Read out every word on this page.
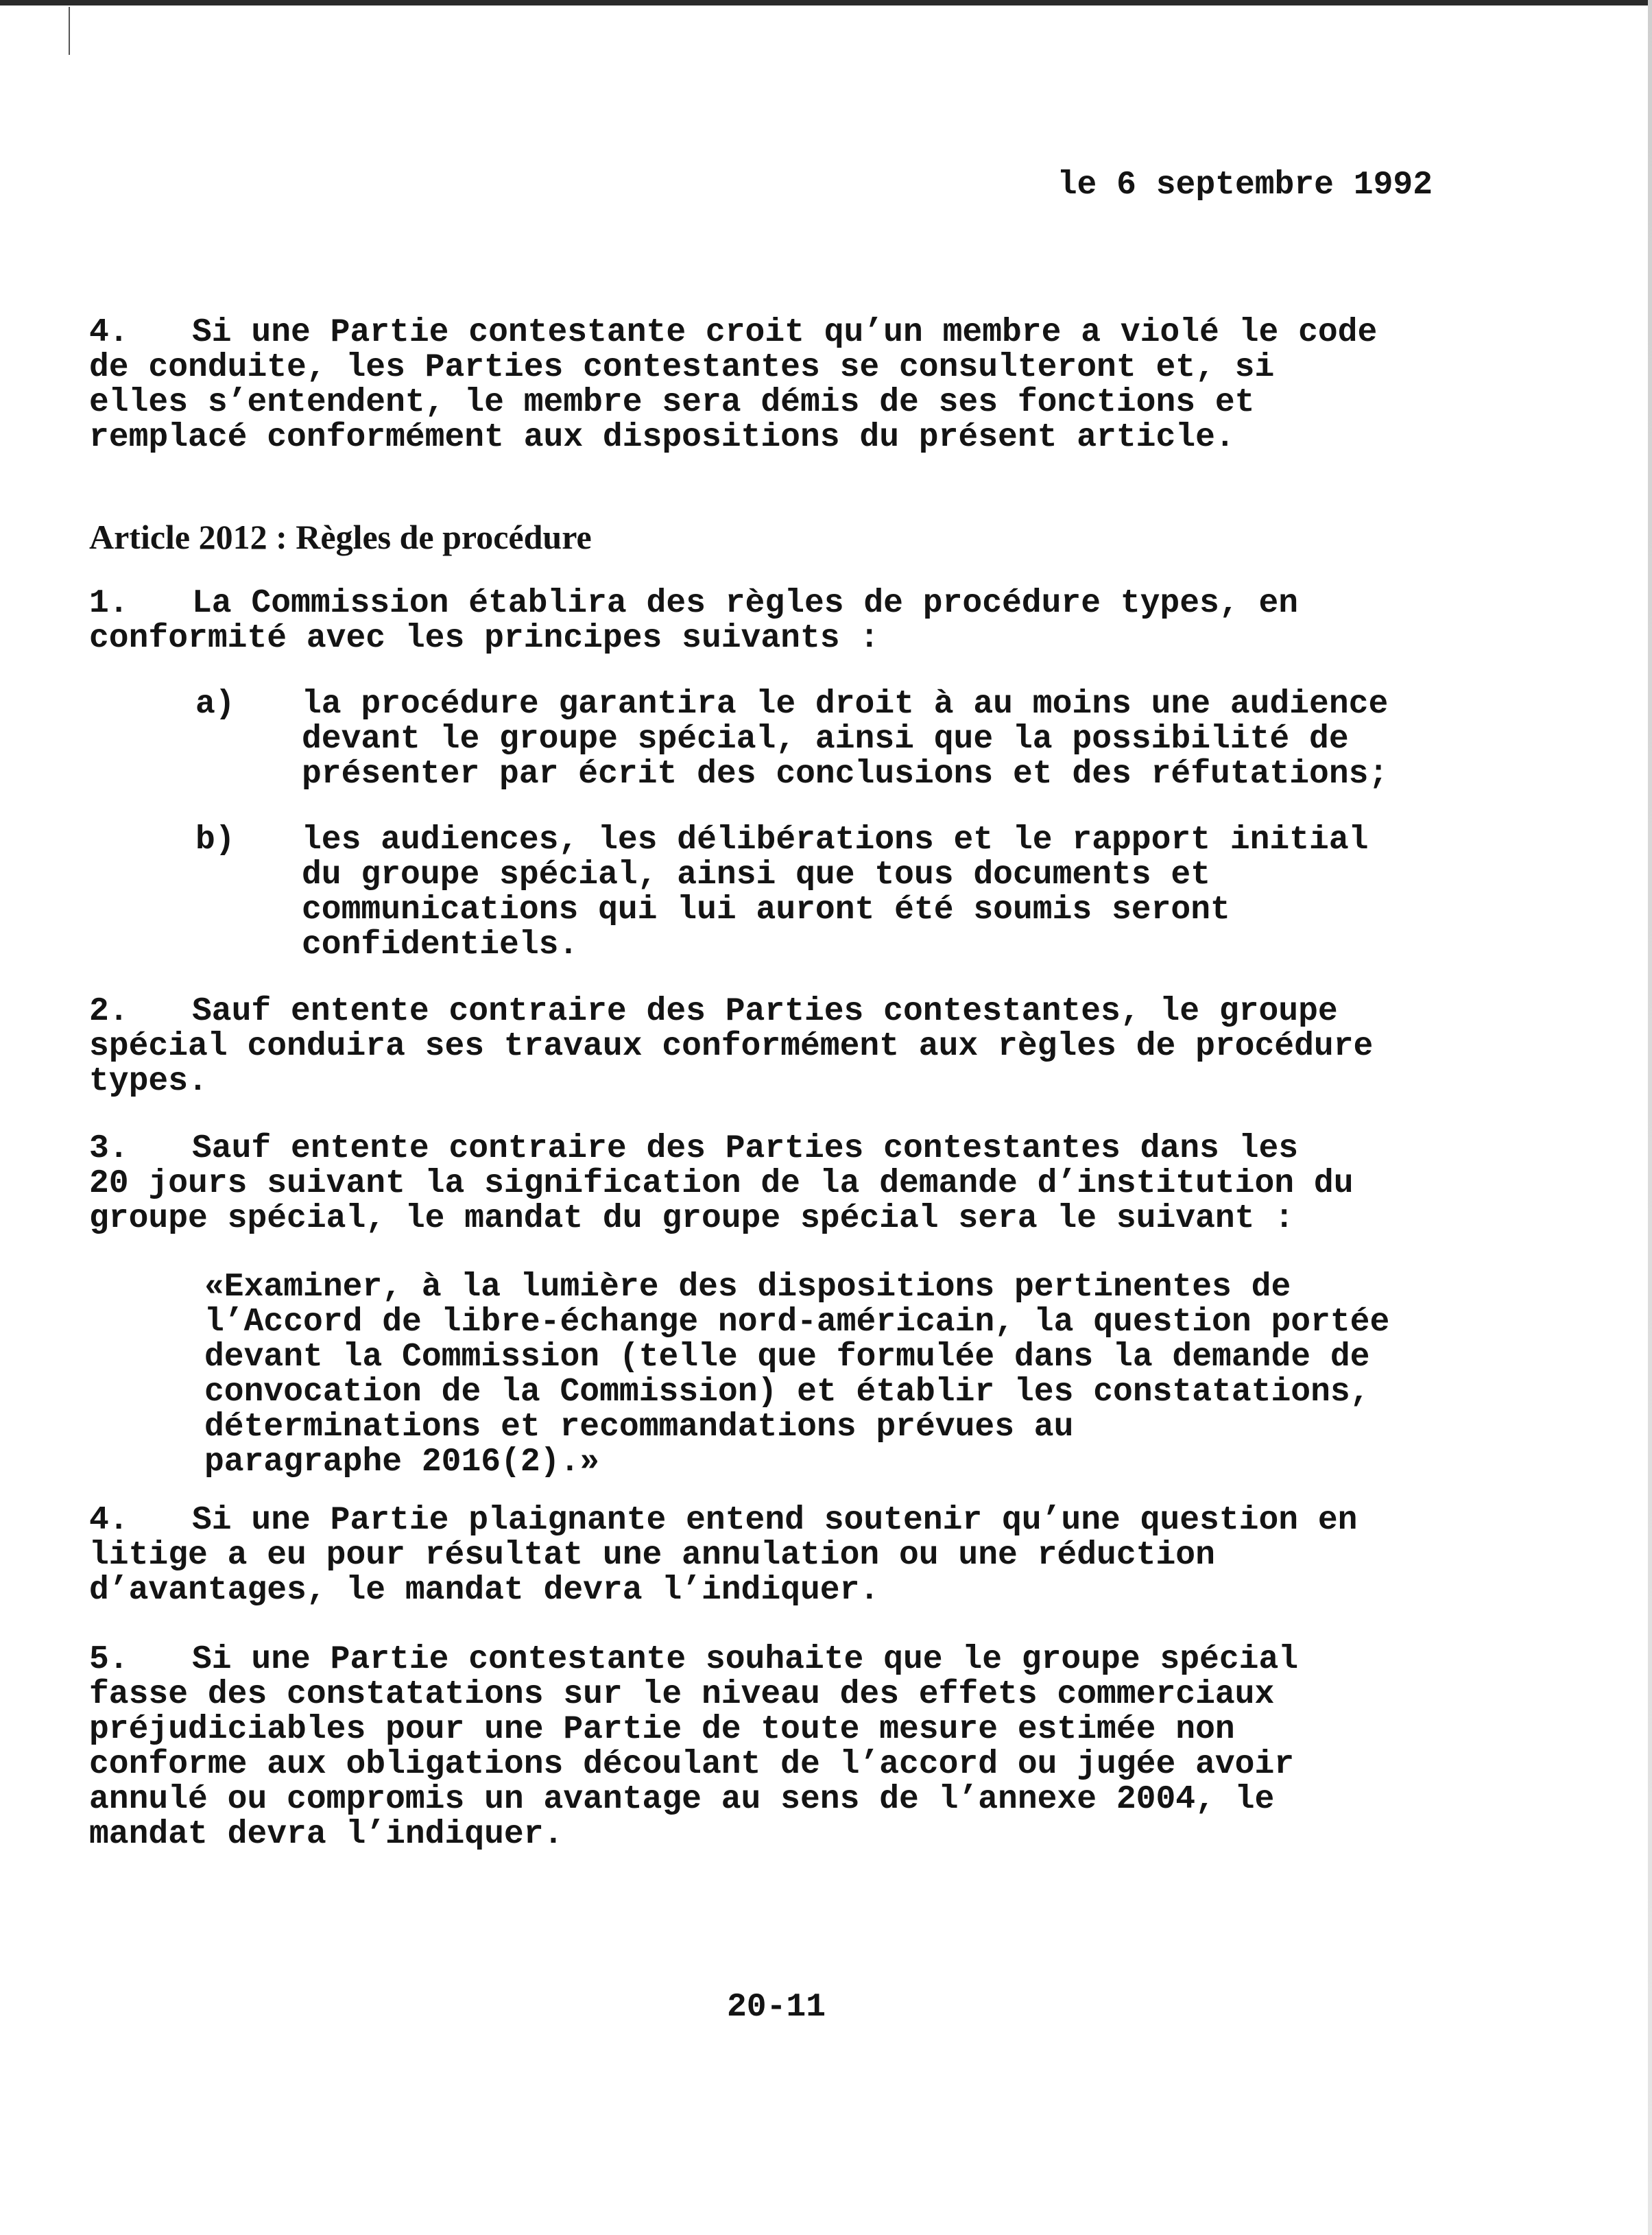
le 6 septembre 1992
4. Si une Partie contestante croit qu’un membre a violé le code
de conduite, les Parties contestantes se consulteront et, si
elles s’entendent, le membre sera démis de ses fonctions et
remplacé conformément aux dispositions du présent article.
Article 2012 : Règles de procédure
1. La Commission établira des règles de procédure types, en
conformité avec les principes suivants :
a) la procédure garantira le droit à au moins une audience
devant le groupe spécial, ainsi que la possibilité de
présenter par écrit des conclusions et des réfutations;
b) les audiences, les délibérations et le rapport initial
du groupe spécial, ainsi que tous documents et
communications qui lui auront été soumis seront
confidentiels.
2. Sauf entente contraire des Parties contestantes, le groupe
spécial conduira ses travaux conformément aux règles de procédure
types.
3. Sauf entente contraire des Parties contestantes dans les
20 jours suivant la signification de la demande d’institution du
groupe spécial, le mandat du groupe spécial sera le suivant :
«Examiner, à la lumière des dispositions pertinentes de
l’Accord de libre-échange nord-américain, la question portée
devant la Commission (telle que formulée dans la demande de
convocation de la Commission) et établir les constatations,
déterminations et recommandations prévues au
paragraphe 2016(2).»
4. Si une Partie plaignante entend soutenir qu’une question en
litige a eu pour résultat une annulation ou une réduction
d’avantages, le mandat devra l’indiquer.
5. Si une Partie contestante souhaite que le groupe spécial
fasse des constatations sur le niveau des effets commerciaux
préjudiciables pour une Partie de toute mesure estimée non
conforme aux obligations découlant de l’accord ou jugée avoir
annulé ou compromis un avantage au sens de l’annexe 2004, le
mandat devra l’indiquer.
20-11
